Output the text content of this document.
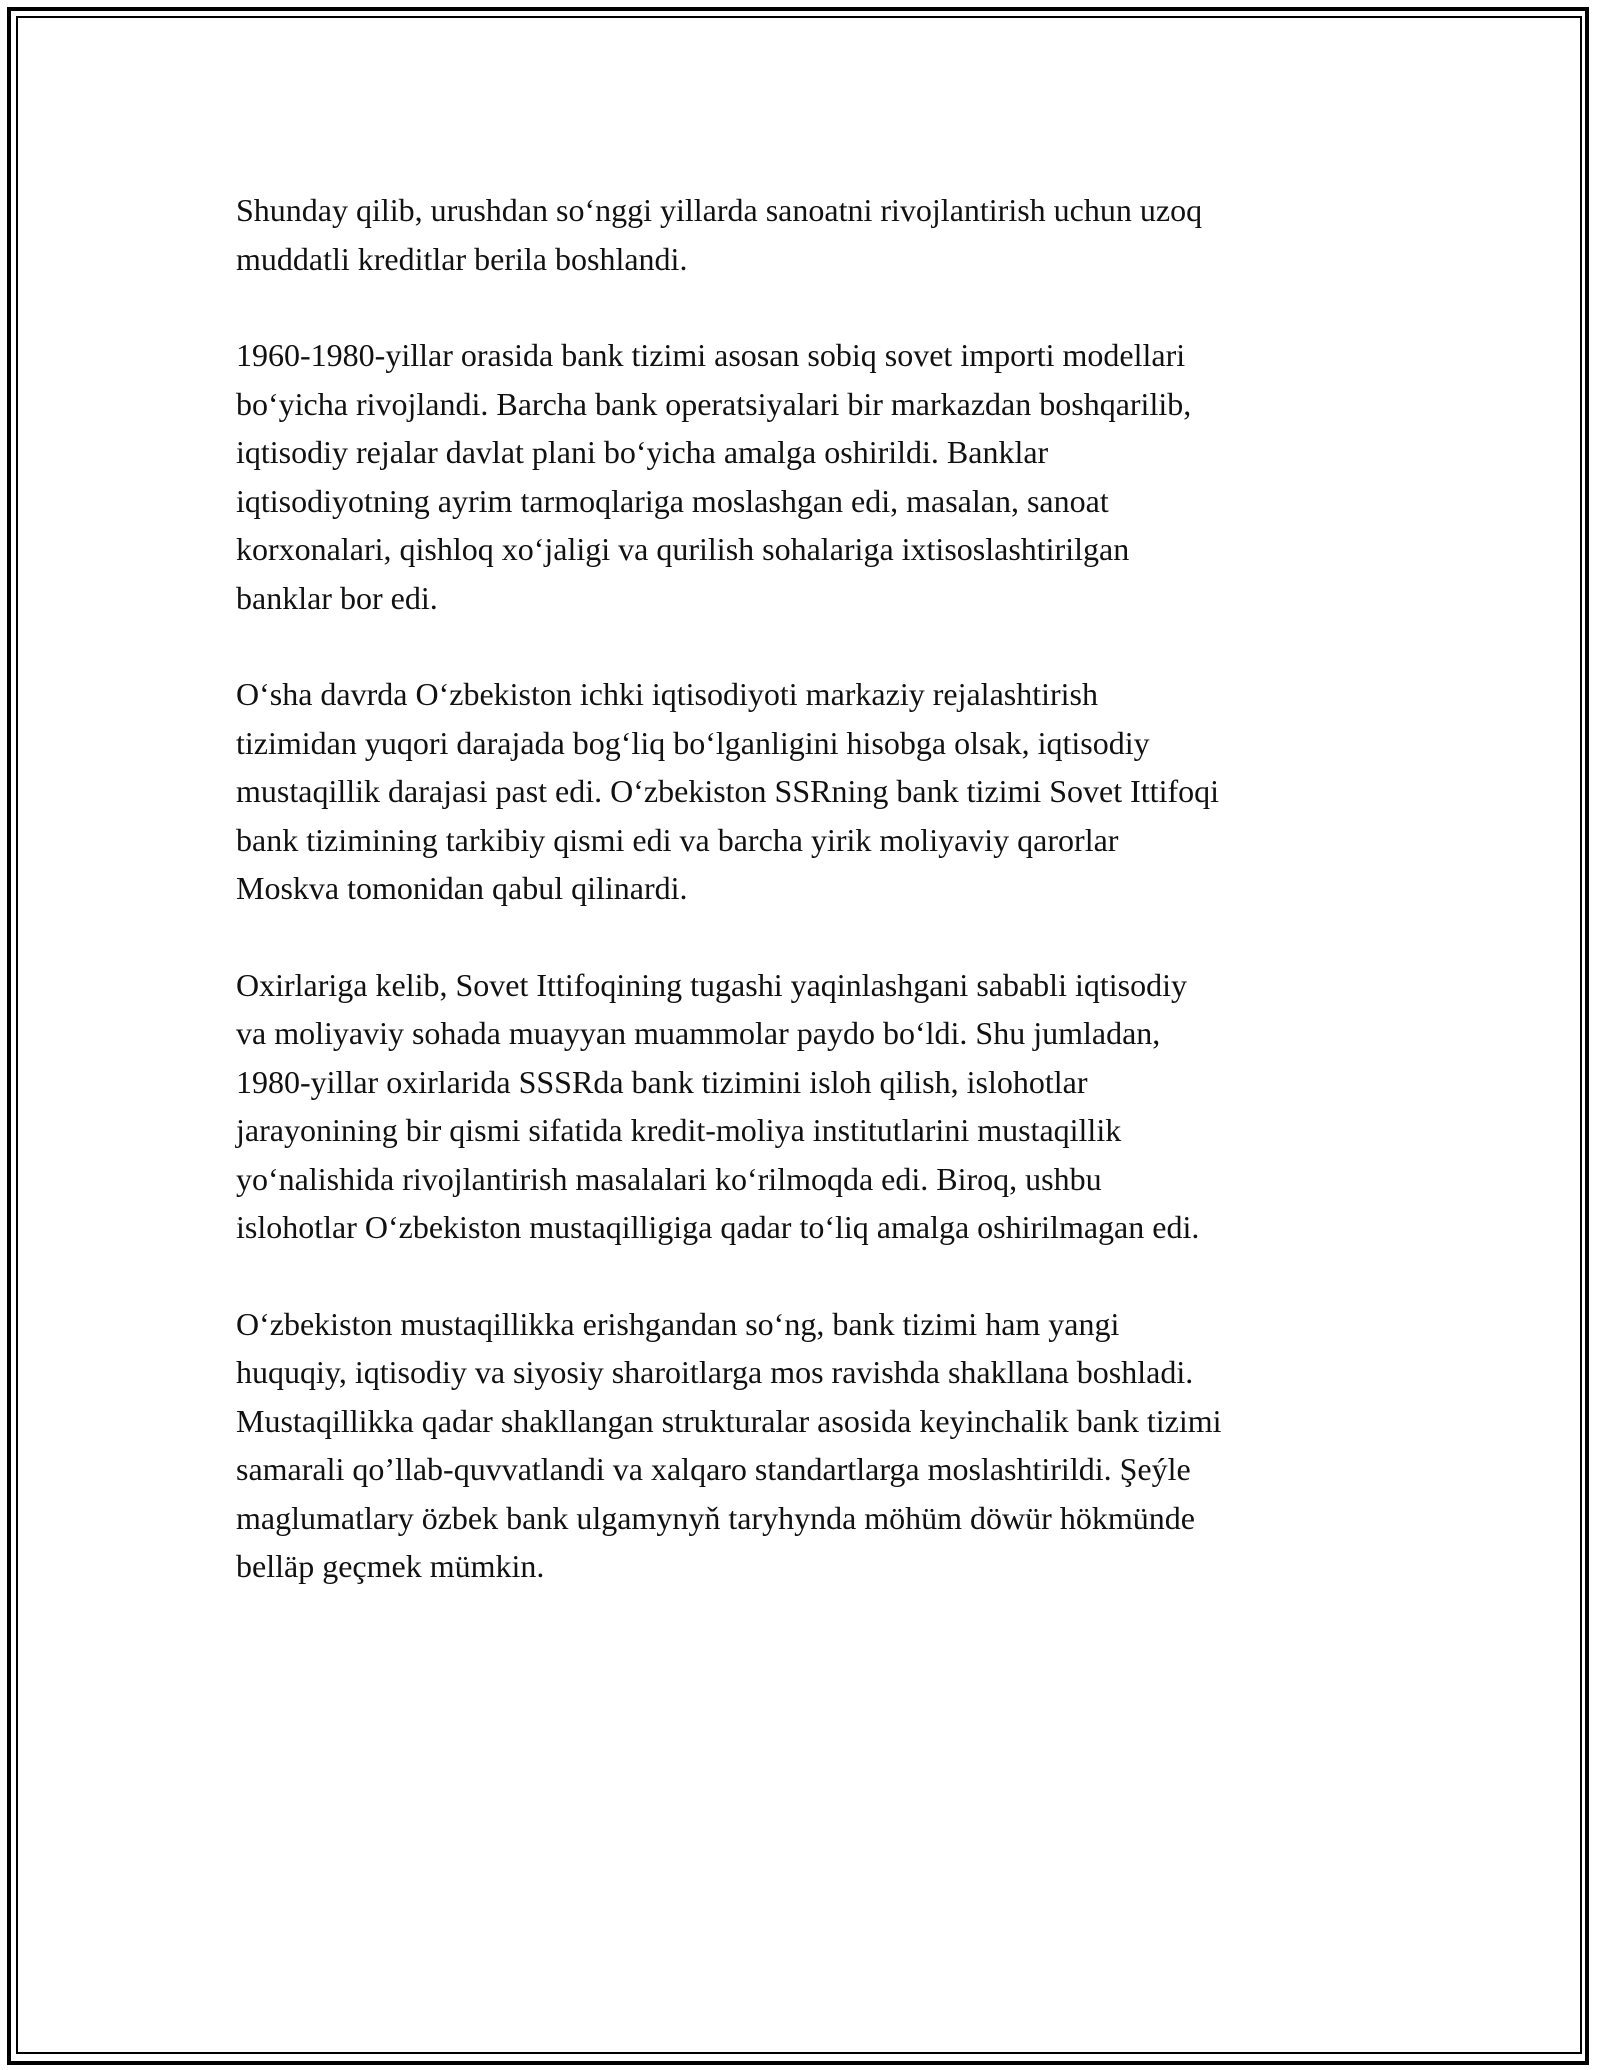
Shunday qilib, urushdan so‘nggi yillarda sanoatni rivojlantirish uchun uzoq
muddatli kreditlar berila boshlandi.

1960-1980-yillar orasida bank tizimi asosan sobiq sovet importi modellari
bo‘yicha rivojlandi. Barcha bank operatsiyalari bir markazdan boshqarilib,
iqtisodiy rejalar davlat plani bo‘yicha amalga oshirildi. Banklar
iqtisodiyotning ayrim tarmoqlariga moslashgan edi, masalan, sanoat
korxonalari, qishloq xo‘jaligi va qurilish sohalariga ixtisoslashtirilgan
banklar bor edi.

O‘sha davrda O‘zbekiston ichki iqtisodiyoti markaziy rejalashtirish
tizimidan yuqori darajada bog‘liq bo‘lganligini hisobga olsak, iqtisodiy
mustaqillik darajasi past edi. O‘zbekiston SSRning bank tizimi Sovet Ittifoqi
bank tizimining tarkibiy qismi edi va barcha yirik moliyaviy qarorlar
Moskva tomonidan qabul qilinardi.

Oxirlariga kelib, Sovet Ittifoqining tugashi yaqinlashgani sababli iqtisodiy
va moliyaviy sohada muayyan muammolar paydo bo‘ldi. Shu jumladan,
1980-yillar oxirlarida SSSRda bank tizimini isloh qilish, islohotlar
jarayonining bir qismi sifatida kredit-moliya institutlarini mustaqillik
yo‘nalishida rivojlantirish masalalari ko‘rilmoqda edi. Biroq, ushbu
islohotlar O‘zbekiston mustaqilligiga qadar to‘liq amalga oshirilmagan edi.

O‘zbekiston mustaqillikka erishgandan so‘ng, bank tizimi ham yangi
huquqiy, iqtisodiy va siyosiy sharoitlarga mos ravishda shakllana boshladi.
Mustaqillikka qadar shakllangan strukturalar asosida keyinchalik bank tizimi
samarali qo’llab-quvvatlandi va xalqaro standartlarga moslashtirildi. Şeýle
maglumatlary özbek bank ulgamynyň taryhynda möhüm döwür hökmünde
belläp geçmek mümkin.
